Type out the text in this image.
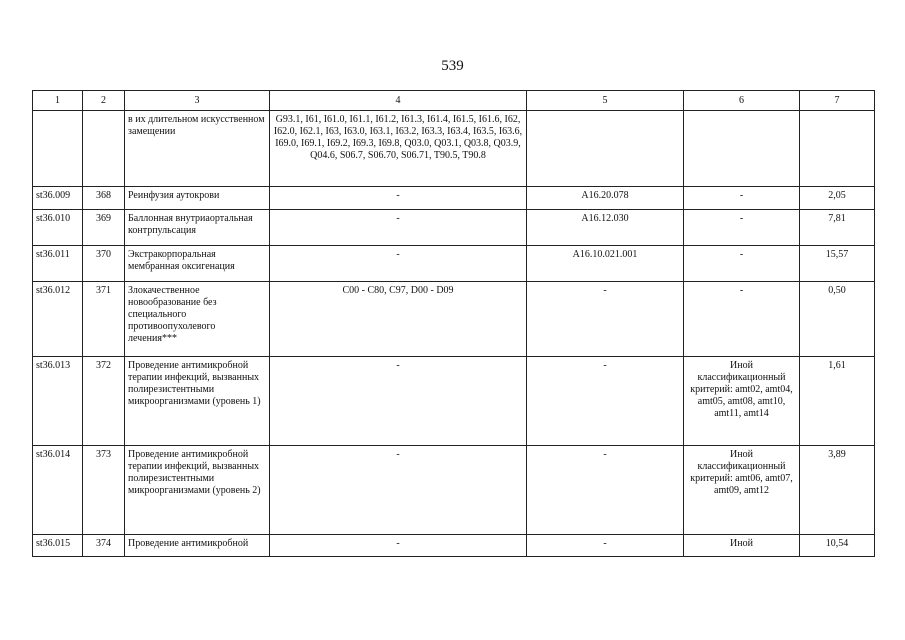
539
1	2	3	4	5	6	7
		в их длительном искусственном замещении	G93.1, I61, I61.0, I61.1, I61.2, I61.3, I61.4, I61.5, I61.6, I62, I62.0, I62.1, I63, I63.0, I63.1, I63.2, I63.3, I63.4, I63.5, I63.6, I69.0, I69.1, I69.2, I69.3, I69.8, Q03.0, Q03.1, Q03.8, Q03.9, Q04.6, S06.7, S06.70, S06.71, T90.5, T90.8			
st36.009	368	Реинфузия аутокрови	-	A16.20.078	-	2,05
st36.010	369	Баллонная внутриаортальная контрпульсация	-	A16.12.030	-	7,81
st36.011	370	Экстракорпоральная мембранная оксигенация	-	A16.10.021.001	-	15,57
st36.012	371	Злокачественное новообразование без специального противоопухолевого лечения***	C00 - C80, C97, D00 - D09	-	-	0,50
st36.013	372	Проведение антимикробной терапии инфекций, вызванных полирезистентными микроорганизмами (уровень 1)	-	-	Иной классификационный критерий: amt02, amt04, amt05, amt08, amt10, amt11, amt14	1,61
st36.014	373	Проведение антимикробной терапии инфекций, вызванных полирезистентными микроорганизмами (уровень 2)	-	-	Иной классификационный критерий: amt06, amt07, amt09, amt12	3,89
st36.015	374	Проведение антимикробной	-	-	Иной	10,54
